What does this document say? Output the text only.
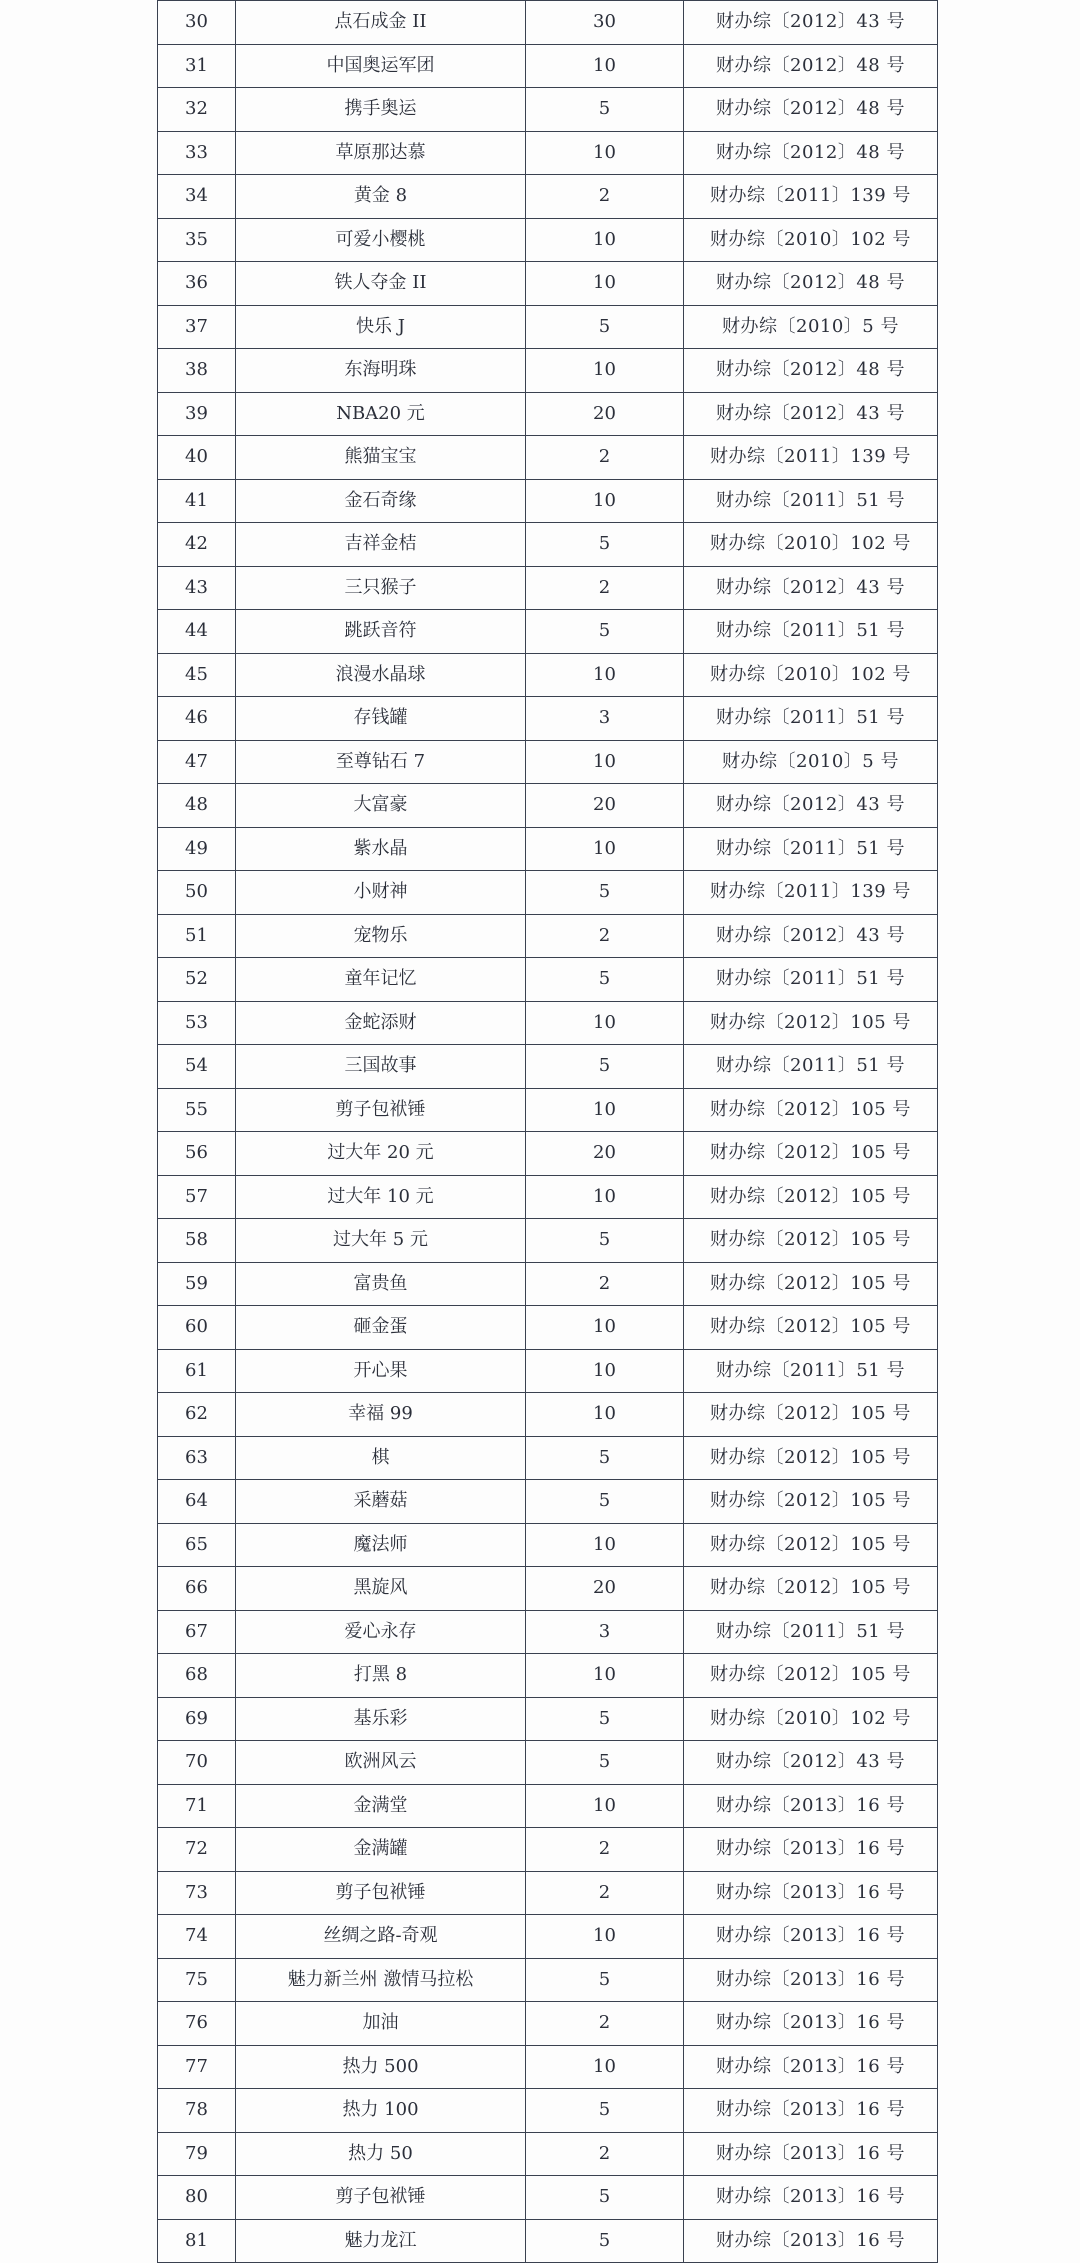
30	点石成金 II	30	财办综〔2012〕43 号
31	中国奥运军团	10	财办综〔2012〕48 号
32	携手奥运	5	财办综〔2012〕48 号
33	草原那达慕	10	财办综〔2012〕48 号
34	黄金 8	2	财办综〔2011〕139 号
35	可爱小樱桃	10	财办综〔2010〕102 号
36	铁人夺金 II	10	财办综〔2012〕48 号
37	快乐 J	5	财办综〔2010〕5 号
38	东海明珠	10	财办综〔2012〕48 号
39	NBA20 元	20	财办综〔2012〕43 号
40	熊猫宝宝	2	财办综〔2011〕139 号
41	金石奇缘	10	财办综〔2011〕51 号
42	吉祥金桔	5	财办综〔2010〕102 号
43	三只猴子	2	财办综〔2012〕43 号
44	跳跃音符	5	财办综〔2011〕51 号
45	浪漫水晶球	10	财办综〔2010〕102 号
46	存钱罐	3	财办综〔2011〕51 号
47	至尊钻石 7	10	财办综〔2010〕5 号
48	大富豪	20	财办综〔2012〕43 号
49	紫水晶	10	财办综〔2011〕51 号
50	小财神	5	财办综〔2011〕139 号
51	宠物乐	2	财办综〔2012〕43 号
52	童年记忆	5	财办综〔2011〕51 号
53	金蛇添财	10	财办综〔2012〕105 号
54	三国故事	5	财办综〔2011〕51 号
55	剪子包袱锤	10	财办综〔2012〕105 号
56	过大年 20 元	20	财办综〔2012〕105 号
57	过大年 10 元	10	财办综〔2012〕105 号
58	过大年 5 元	5	财办综〔2012〕105 号
59	富贵鱼	2	财办综〔2012〕105 号
60	砸金蛋	10	财办综〔2012〕105 号
61	开心果	10	财办综〔2011〕51 号
62	幸福 99	10	财办综〔2012〕105 号
63	棋	5	财办综〔2012〕105 号
64	采蘑菇	5	财办综〔2012〕105 号
65	魔法师	10	财办综〔2012〕105 号
66	黑旋风	20	财办综〔2012〕105 号
67	爱心永存	3	财办综〔2011〕51 号
68	打黑 8	10	财办综〔2012〕105 号
69	基乐彩	5	财办综〔2010〕102 号
70	欧洲风云	5	财办综〔2012〕43 号
71	金满堂	10	财办综〔2013〕16 号
72	金满罐	2	财办综〔2013〕16 号
73	剪子包袱锤	2	财办综〔2013〕16 号
74	丝绸之路-奇观	10	财办综〔2013〕16 号
75	魅力新兰州 激情马拉松	5	财办综〔2013〕16 号
76	加油	2	财办综〔2013〕16 号
77	热力 500	10	财办综〔2013〕16 号
78	热力 100	5	财办综〔2013〕16 号
79	热力 50	2	财办综〔2013〕16 号
80	剪子包袱锤	5	财办综〔2013〕16 号
81	魅力龙江	5	财办综〔2013〕16 号
